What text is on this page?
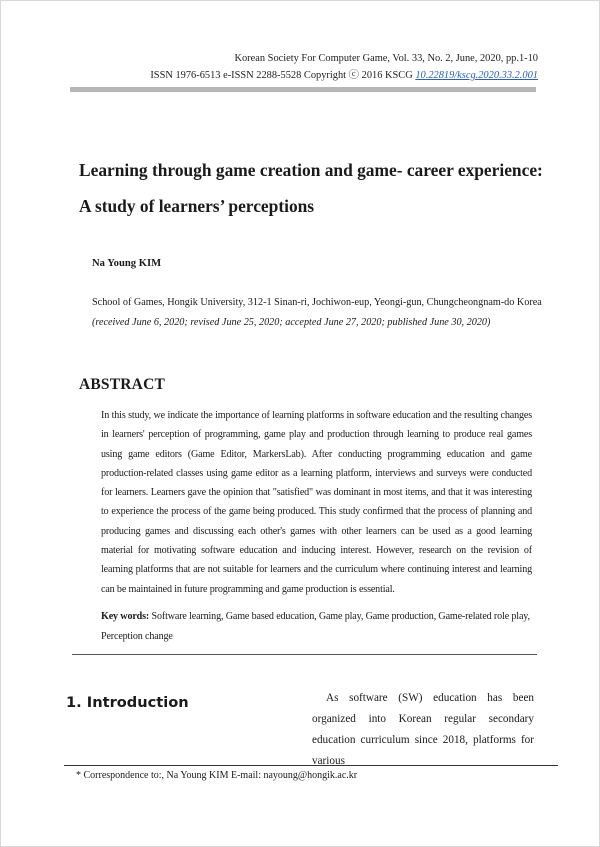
Korean Society For Computer Game, Vol. 33, No. 2, June, 2020, pp.1-10
ISSN 1976-6513 e-ISSN 2288-5528 Copyright ⓒ 2016 KSCG 10.22819/kscg.2020.33.2.001
Learning through game creation and game- career experience:
A study of learners’ perceptions
Na Young KIM
School of Games, Hongik University, 312-1 Sinan-ri, Jochiwon-eup, Yeongi-gun, Chungcheongnam-do Korea
(received June 6, 2020; revised June 25, 2020; accepted June 27, 2020; published June 30, 2020)
ABSTRACT

In this study, we indicate the importance of learning platforms in software education and the resulting changes in learners' perception of programming, game play and production through learning to produce real games using game editors (Game Editor, MarkersLab). After conducting programming education and game production-related classes using game editor as a learning platform, interviews and surveys were conducted for learners. Learners gave the opinion that "satisfied" was dominant in most items, and that it was interesting to experience the process of the game being produced. This study confirmed that the process of planning and producing games and discussing each other's games with other learners can be used as a good learning material for motivating software education and inducing interest. However, research on the revision of learning platforms that are not suitable for learners and the curriculum where continuing interest and learning can be maintained in future programming and game production is essential.

Key words: Software learning, Game based education, Game play, Game production, Game-related role play, Perception change

1. Introduction	As software (SW) education has been organized into Korean regular secondary education curriculum since 2018, platforms for various

* Correspondence to:, Na Young KIM E-mail: nayoung@hongik.ac.kr
